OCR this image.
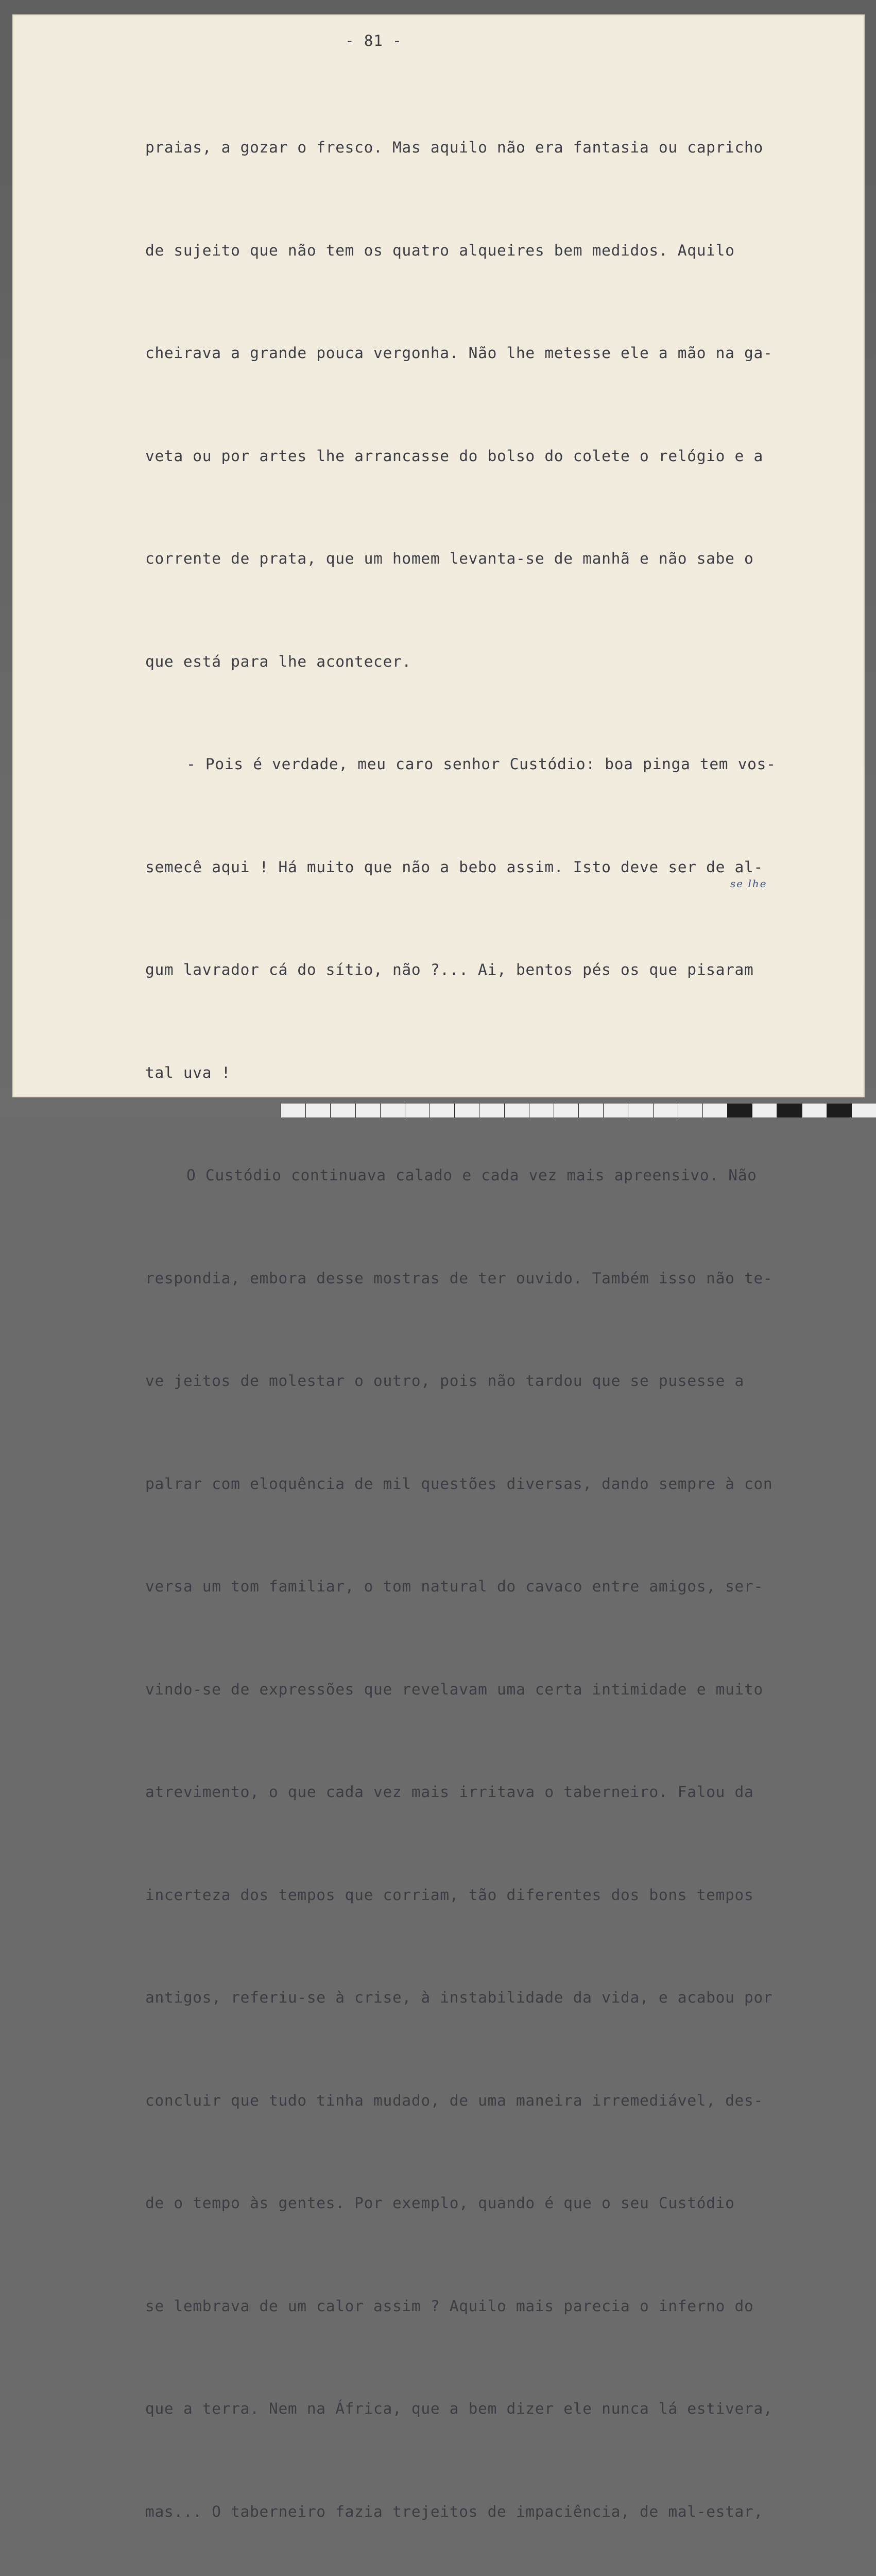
- 81 -

praias, a gozar o fresco. Mas aquilo não era fantasia ou capricho

de sujeito que não tem os quatro alqueires bem medidos. Aquilo

cheirava a grande pouca vergonha. Não lhe metesse ele a mão na ga-

veta ou por artes lhe arrancasse do bolso do colete o relógio e a

corrente de prata, que um homem levanta-se de manhã e não sabe o

que está para lhe acontecer.

- Pois é verdade, meu caro senhor Custódio: boa pinga tem vos-

semecê aqui ! Há muito que não a bebo assim. Isto deve ser de al-

gum lavrador cá do sítio, não ?... Ai, bentos pés os que pisaram

tal uva !

O Custódio continuava calado e cada vez mais apreensivo. Não

respondia, embora desse mostras de ter ouvido. Também isso não te-

ve jeitos de molestar o outro, pois não tardou que se pusesse a

palrar com eloquência de mil questões diversas, dando sempre à con

versa um tom familiar, o tom natural do cavaco entre amigos, ser-

vindo-se de expressões que revelavam uma certa intimidade e muito

atrevimento, o que cada vez mais irritava o taberneiro. Falou da

incerteza dos tempos que corriam, tão diferentes dos bons tempos

antigos, referiu-se à crise, à instabilidade da vida, e acabou por

concluir que tudo tinha mudado, de uma maneira irremediável, des-

de o tempo às gentes. Por exemplo, quando é que o seu Custódio

se lembrava de um calor assim ? Aquilo mais parecia o inferno do

que a terra. Nem na África, que a bem dizer ele nunca lá estivera,

mas... O taberneiro fazia trejeitos de impaciência, de mal-estar,

se lhe
